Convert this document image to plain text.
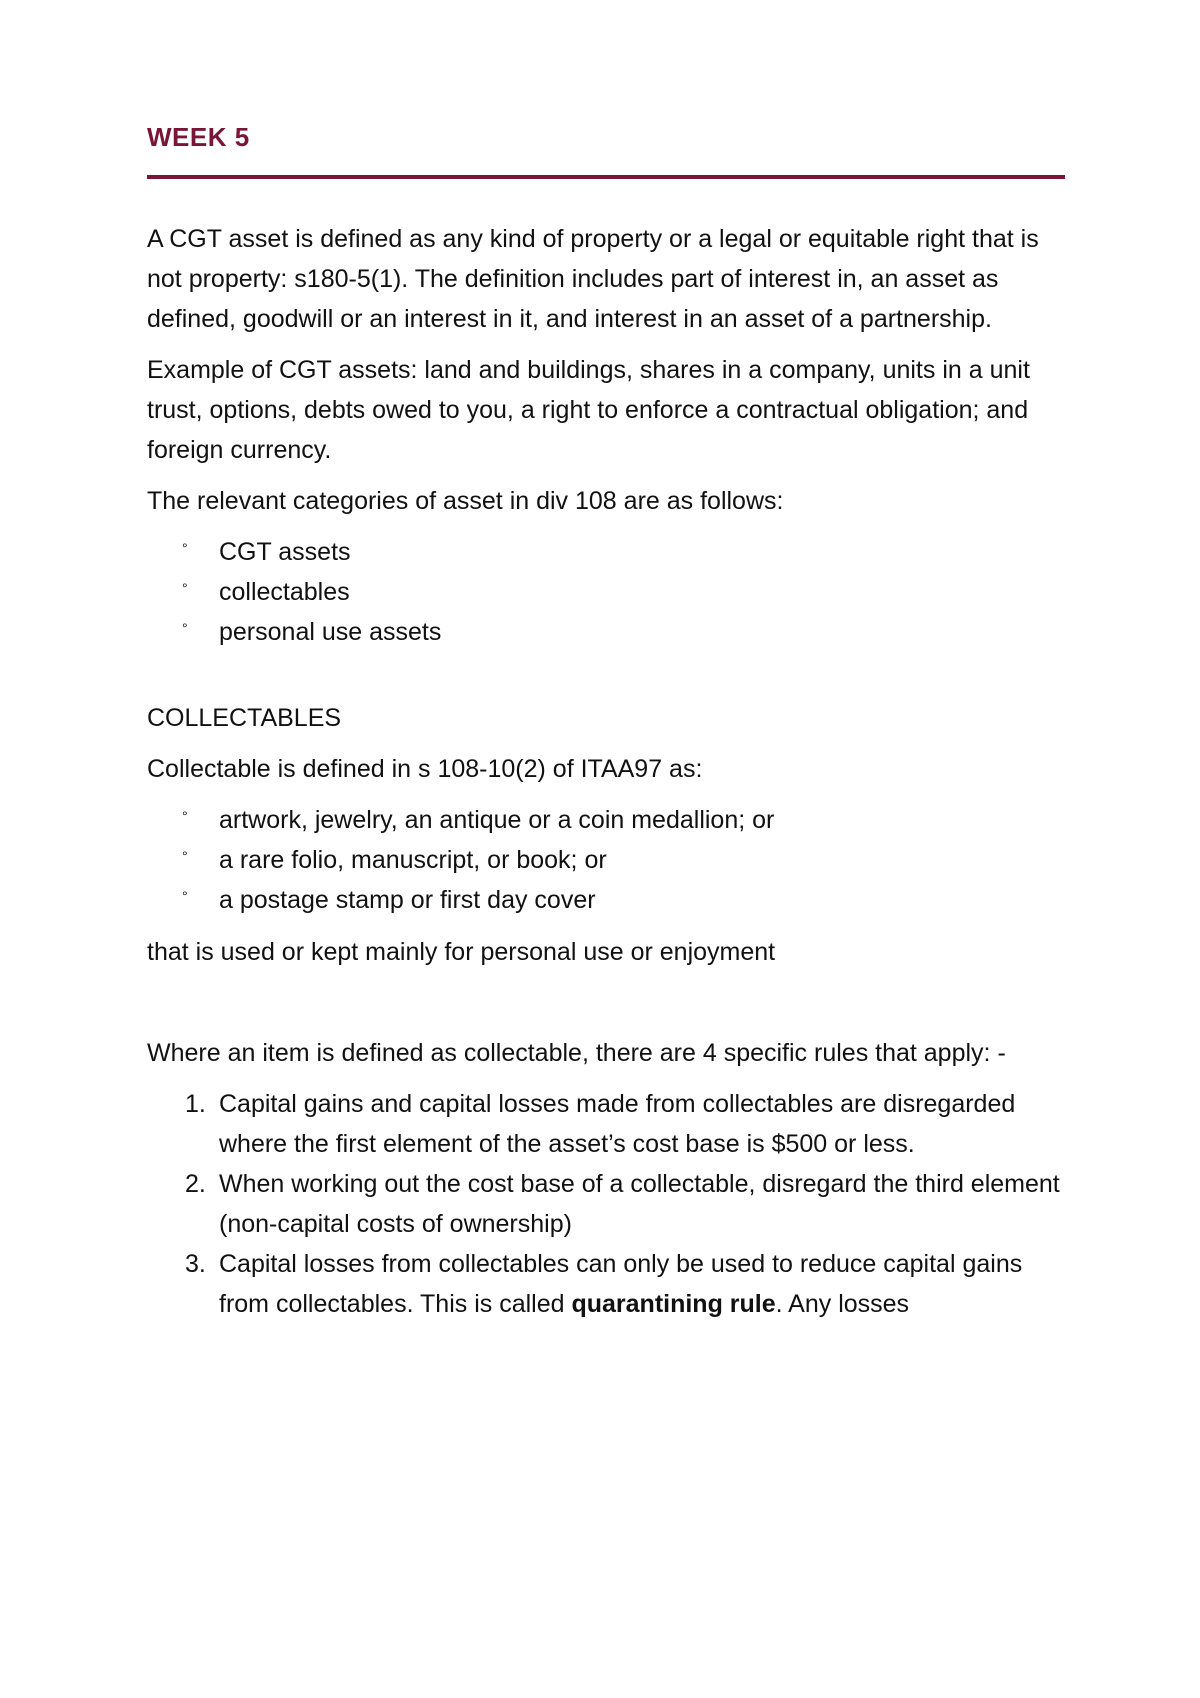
WEEK 5

A CGT asset is defined as any kind of property or a legal or equitable right that is not property: s180-5(1). The definition includes part of interest in, an asset as defined, goodwill or an interest in it, and interest in an asset of a partnership.

Example of CGT assets: land and buildings, shares in a company, units in a unit trust, options, debts owed to you, a right to enforce a contractual obligation; and foreign currency.

The relevant categories of asset in div 108 are as follows:

° CGT assets
° collectables
° personal use assets

COLLECTABLES

Collectable is defined in s 108-10(2) of ITAA97 as:

° artwork, jewelry, an antique or a coin medallion; or
° a rare folio, manuscript, or book; or
° a postage stamp or first day cover

that is used or kept mainly for personal use or enjoyment

Where an item is defined as collectable, there are 4 specific rules that apply: -

1. Capital gains and capital losses made from collectables are disregarded where the first element of the asset’s cost base is $500 or less.
2. When working out the cost base of a collectable, disregard the third element (non-capital costs of ownership)
3. Capital losses from collectables can only be used to reduce capital gains from collectables. This is called quarantining rule. Any losses
